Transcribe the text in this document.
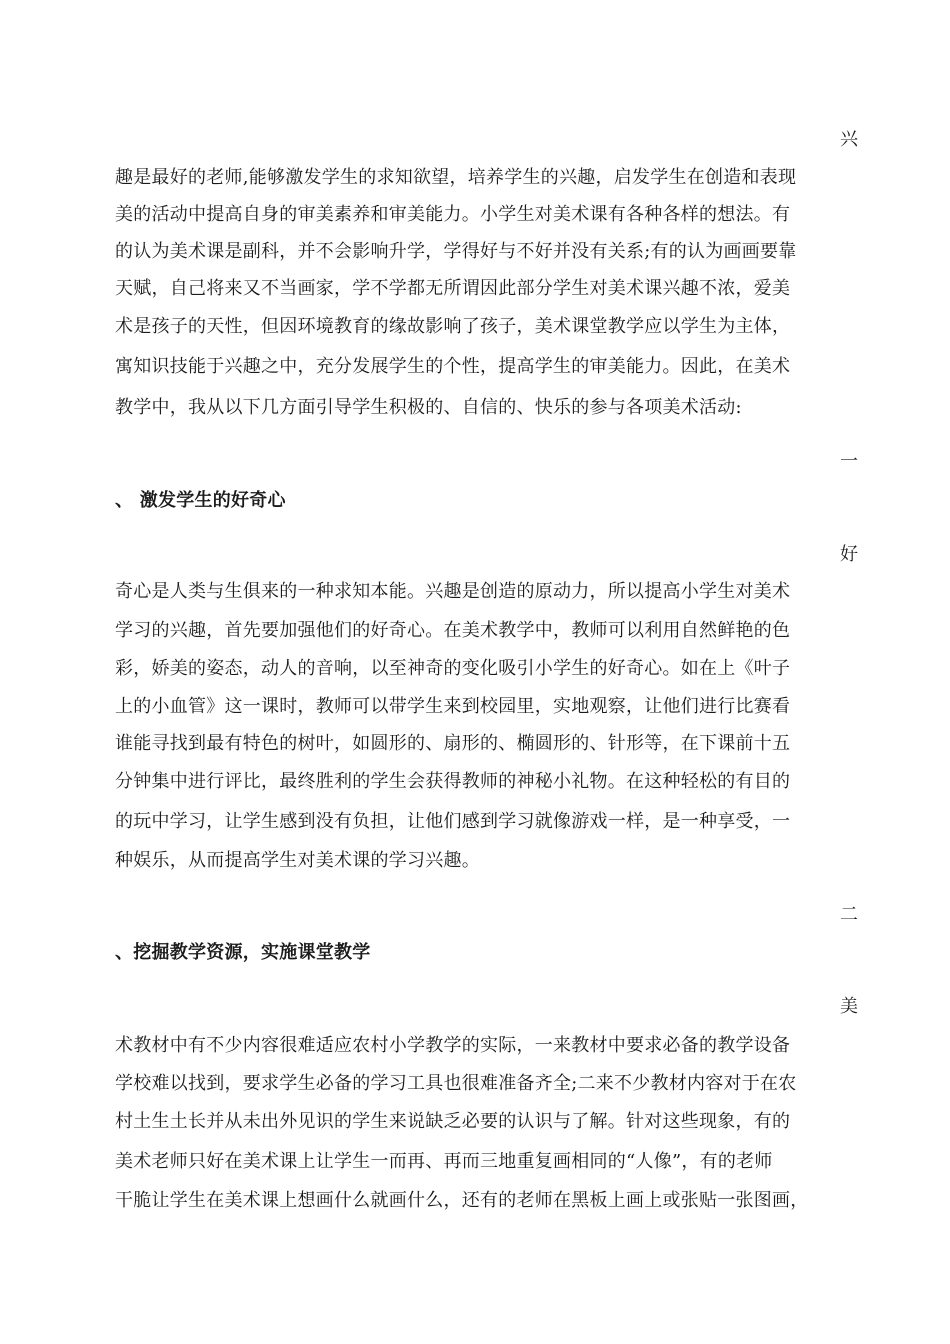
兴
趣是最好的老师,能够激发学生的求知欲望，培养学生的兴趣，启发学生在创造和表现
美的活动中提高自身的审美素养和审美能力。小学生对美术课有各种各样的想法。有
的认为美术课是副科，并不会影响升学，学得好与不好并没有关系;有的认为画画要靠
天赋，自己将来又不当画家，学不学都无所谓因此部分学生对美术课兴趣不浓，爱美
术是孩子的天性，但因环境教育的缘故影响了孩子，美术课堂教学应以学生为主体，
寓知识技能于兴趣之中，充分发展学生的个性，提高学生的审美能力。因此，在美术
教学中，我从以下几方面引导学生积极的、自信的、快乐的参与各项美术活动:
一
、 激发学生的好奇心
好
奇心是人类与生俱来的一种求知本能。兴趣是创造的原动力，所以提高小学生对美术
学习的兴趣，首先要加强他们的好奇心。在美术教学中，教师可以利用自然鲜艳的色
彩，娇美的姿态，动人的音响，以至神奇的变化吸引小学生的好奇心。如在上《叶子
上的小血管》这一课时，教师可以带学生来到校园里，实地观察，让他们进行比赛看
谁能寻找到最有特色的树叶，如圆形的、扇形的、椭圆形的、针形等，在下课前十五
分钟集中进行评比，最终胜利的学生会获得教师的神秘小礼物。在这种轻松的有目的
的玩中学习，让学生感到没有负担，让他们感到学习就像游戏一样，是一种享受，一
种娱乐，从而提高学生对美术课的学习兴趣。
二
、挖掘教学资源，实施课堂教学
美
术教材中有不少内容很难适应农村小学教学的实际，一来教材中要求必备的教学设备
学校难以找到，要求学生必备的学习工具也很难准备齐全;二来不少教材内容对于在农
村土生土长并从未出外见识的学生来说缺乏必要的认识与了解。针对这些现象，有的
美术老师只好在美术课上让学生一而再、再而三地重复画相同的“人像”，有的老师
干脆让学生在美术课上想画什么就画什么，还有的老师在黑板上画上或张贴一张图画，
